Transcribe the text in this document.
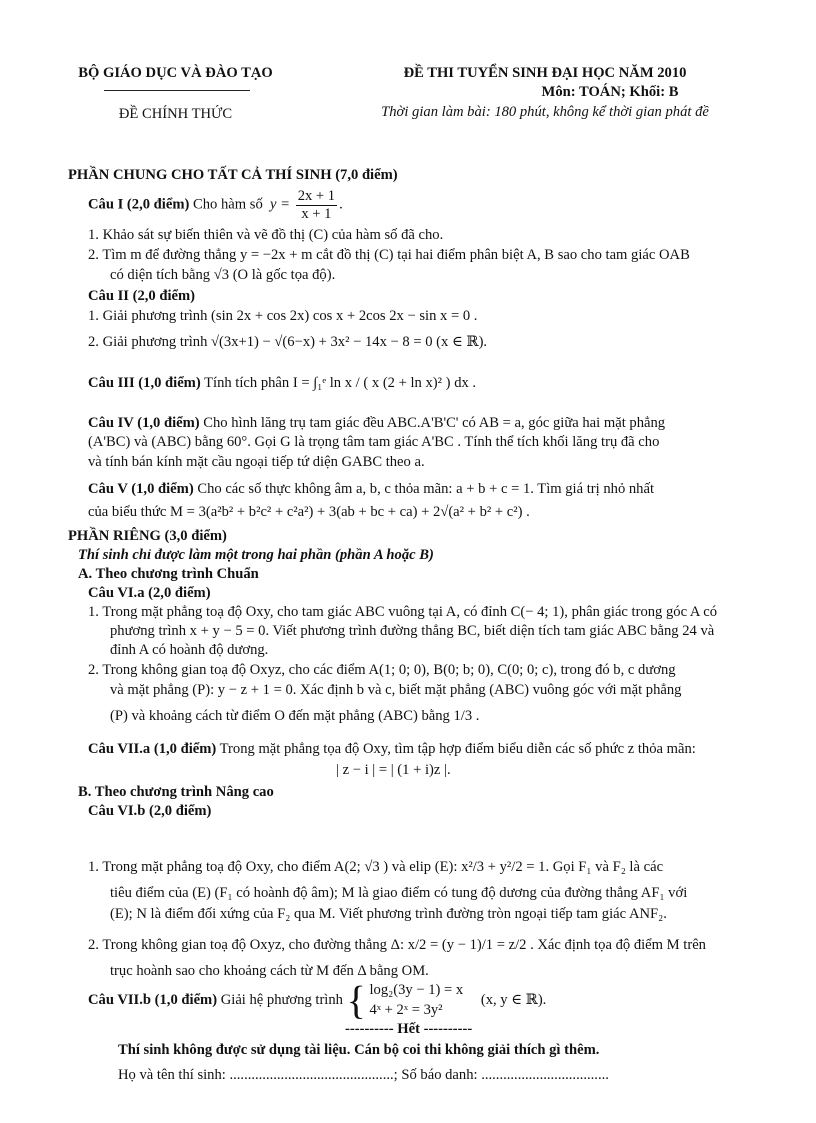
BỘ GIÁO DỤC VÀ ĐÀO TẠO
ĐỀ CHÍNH THỨC
ĐỀ THI TUYỂN SINH ĐẠI HỌC NĂM 2010
Môn: TOÁN; Khối: B
Thời gian làm bài: 180 phút, không kể thời gian phát đề
PHẦN CHUNG CHO TẤT CẢ THÍ SINH (7,0 điểm)
Câu I (2,0 điểm) Cho hàm số  $y = \frac{2x + 1}{x + 1}$ .
1. Khảo sát sự biến thiên và vẽ đồ thị (C) của hàm số đã cho.
2. Tìm m để đường thẳng y = −2x + m cắt đồ thị (C) tại hai điểm phân biệt A, B sao cho tam giác OAB
có diện tích bằng √3 (O là gốc tọa độ).
Câu II (2,0 điểm)
1. Giải phương trình (sin 2x + cos 2x) cos x + 2cos 2x − sin x = 0 .
2. Giải phương trình √(3x+1) − √(6−x) + 3x² − 14x − 8 = 0 (x ∈ ℝ).
Câu III (1,0 điểm) Tính tích phân I = ∫₁ᵉ ln x / ( x (2 + ln x)² ) dx .
Câu IV (1,0 điểm) Cho hình lăng trụ tam giác đều ABC.A'B'C' có AB = a, góc giữa hai mặt phẳng
(A'BC) và (ABC) bằng 60°. Gọi G là trọng tâm tam giác A'BC . Tính thể tích khối lăng trụ đã cho
và tính bán kính mặt cầu ngoại tiếp tứ diện GABC theo a.
Câu V (1,0 điểm) Cho các số thực không âm a, b, c thỏa mãn: a + b + c = 1. Tìm giá trị nhỏ nhất
của biểu thức M = 3(a²b² + b²c² + c²a²) + 3(ab + bc + ca) + 2√(a² + b² + c²) .
PHẦN RIÊNG (3,0 điểm)
Thí sinh chỉ được làm một trong hai phần (phần A hoặc B)
A. Theo chương trình Chuẩn
Câu VI.a (2,0 điểm)
1. Trong mặt phẳng toạ độ Oxy, cho tam giác ABC vuông tại A, có đỉnh C(− 4; 1), phân giác trong góc A có
phương trình x + y − 5 = 0. Viết phương trình đường thẳng BC, biết diện tích tam giác ABC bằng 24 và
đỉnh A có hoành độ dương.
2. Trong không gian toạ độ Oxyz, cho các điểm A(1; 0; 0), B(0; b; 0), C(0; 0; c), trong đó b, c dương
và mặt phẳng (P): y − z + 1 = 0. Xác định b và c, biết mặt phẳng (ABC) vuông góc với mặt phẳng
(P) và khoảng cách từ điểm O đến mặt phẳng (ABC) bằng 1/3 .
Câu VII.a (1,0 điểm) Trong mặt phẳng tọa độ Oxy, tìm tập hợp điểm biểu diễn các số phức z thỏa mãn:
| z − i | = | (1 + i)z |.
B. Theo chương trình Nâng cao
Câu VI.b (2,0 điểm)
1. Trong mặt phẳng toạ độ Oxy, cho điểm A(2; √3 ) và elip (E): x²/3 + y²/2 = 1. Gọi F₁ và F₂ là các
tiêu điểm của (E) (F₁ có hoành độ âm); M là giao điểm có tung độ dương của đường thẳng AF₁ với
(E); N là điểm đối xứng của F₂ qua M. Viết phương trình đường tròn ngoại tiếp tam giác ANF₂.
2. Trong không gian toạ độ Oxyz, cho đường thẳng Δ: x/2 = (y − 1)/1 = z/2 . Xác định tọa độ điểm M trên
trục hoành sao cho khoảng cách từ M đến Δ bằng OM.
Câu VII.b (1,0 điểm) Giải hệ phương trình { log₂(3y − 1) = x
4ˣ + 2ˣ = 3y²
(x, y ∈ ℝ).
---------- Hết ----------
Thí sinh không được sử dụng tài liệu. Cán bộ coi thi không giải thích gì thêm.
Họ và tên thí sinh: .............................................; Số báo danh: ...................................
